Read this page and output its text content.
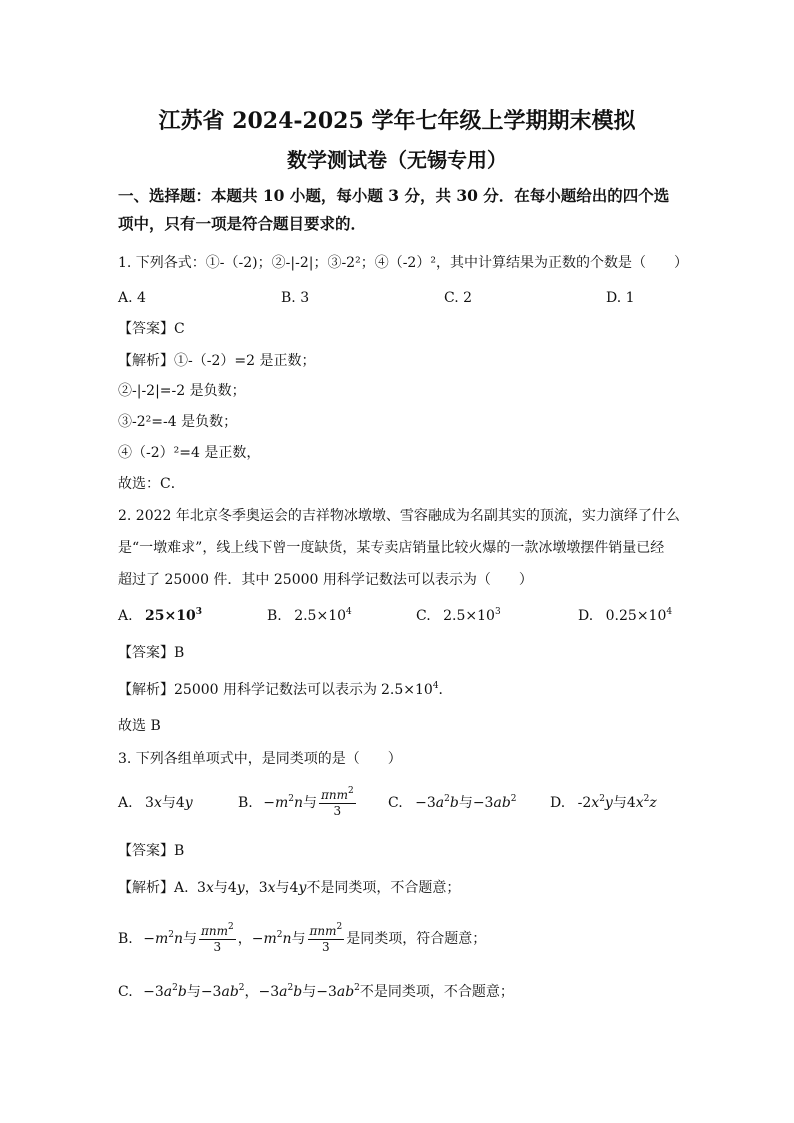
江苏省 2024-2025 学年七年级上学期期末模拟
数学测试卷（无锡专用）
一、选择题：本题共 10 小题，每小题 3 分，共 30 分．在每小题给出的四个选
项中，只有一项是符合题目要求的．
1. 下列各式：①-（-2)；②-|-2|；③-2²；④（-2）²，其中计算结果为正数的个数是（　　）
A. 4	B. 3	C. 2	D. 1
【答案】C
【解析】①-（-2）=2 是正数；
②-|-2|=-2 是负数；
③-2²=-4 是负数；
④（-2）²=4 是正数，
故选：C．
2. 2022 年北京冬季奥运会的吉祥物冰墩墩、雪容融成为名副其实的顶流，实力演绎了什么
是“一墩难求”，线上线下曾一度缺货，某专卖店销量比较火爆的一款冰墩墩摆件销量已经
超过了 25000 件．其中 25000 用科学记数法可以表示为（　　）
A. $25\times 10^3$	B. $2.5\times 10^4$	C. $2.5\times 10^3$	D. $0.25\times 10^4$
【答案】B
【解析】25000 用科学记数法可以表示为 $2.5\times 10^4$．
故选 B
3. 下列各组单项式中，是同类项的是（　　）
A. 3x与4y	B. $-m^2n$与 $\frac{\pi nm^2}{3} C$. $-3a^2b$与$-3ab^2$ D. $-2x^2y$与$4x^2z$
【答案】B
【解析】A. 3x与4y，3x与4y不是同类项，不合题意；
B. $-m^2n$与 $\frac{\pi nm^2}{3}$ ，$-m^2n$与 $\frac{\pi nm^2}{3}$ 是同类项，符合题意；
C. $-3a^2b$与$-3ab^2$，$-3a^2b$与$-3ab^2$不是同类项，不合题意；
